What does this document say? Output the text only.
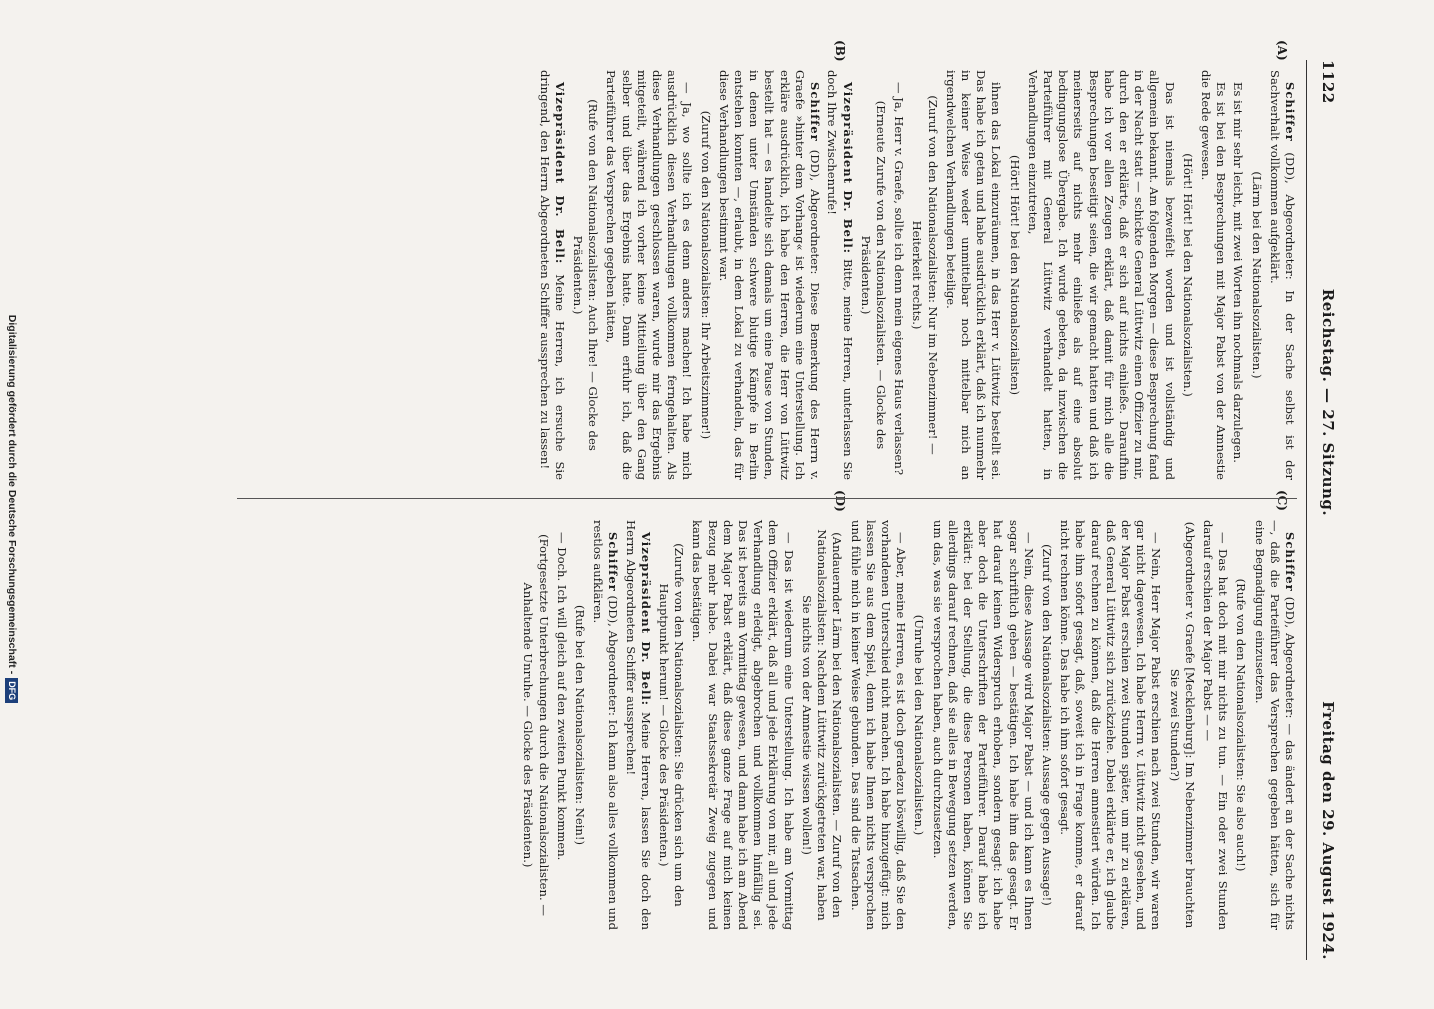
Digitalisierung gefördert durch die Deutsche Forschungsgemeinschaft -DFG
1122
Reichstag. — 27. Sitzung.
Freitag den 29. August 1924.
(A)
(B)
(C)
(D)

Schiffer (DD), Abgeordneter: In der Sache selbst ist der Sachverhalt vollkommen aufgeklärt.

(Lärm bei den Nationalsozialisten.)

Es ist mir sehr leicht, mit zwei Worten ihn nochmals darzulegen.

Es ist bei den Besprechungen mit Major Pabst von der Amnestie die Rede gewesen.

(Hört! Hört! bei den Nationalsozialisten.)

Das ist niemals bezweifelt worden und ist vollständig und allgemein bekannt. Am folgenden Morgen — diese Besprechung fand in der Nacht statt — schickte General Lüttwitz einen Offizier zu mir, durch den er erklärte, daß er sich auf nichts einließe. Daraufhin habe ich vor allen Zeugen erklärt, daß damit für mich alle die Besprechungen beseitigt seien, die wir gemacht hatten und daß ich meinerseits auf nichts mehr einließe als auf eine absolut bedingungslose Übergabe. Ich wurde gebeten, da inzwischen die Parteiführer mit General Lüttwitz verhandelt hatten, in Verhandlungen einzutreten,

(Hört! Hört! bei den Nationalsozialisten)

ihnen das Lokal einzuräumen, in das Herr v. Lüttwitz bestellt sei. Das habe ich getan und habe ausdrücklich erklärt, daß ich nunmehr in keiner Weise weder unmittelbar noch mittelbar mich an irgendwelchen Verhandlungen beteilige.

(Zuruf von den Nationalsozialisten: Nur im Nebenzimmer! — Heiterkeit rechts.)

— Ja, Herr v. Graefe, sollte ich denn mein eigenes Haus verlassen?

(Erneute Zurufe von den Nationalsozialisten. — Glocke des Präsidenten.)

Vizepräsident Dr. Bell: Bitte, meine Herren, unterlassen Sie doch Ihre Zwischenrufe!

Schiffer (DD), Abgeordneter: Diese Bemerkung des Herrn v. Graefe »hinter dem Vorhang« ist wiederum eine Unterstellung. Ich erkläre ausdrücklich, ich habe den Herren, die Herr von Lüttwitz bestellt hat — es handelte sich damals um eine Pause von Stunden, in denen unter Umständen schwere blutige Kämpfe in Berlin entstehen konnten —, erlaubt, in dem Lokal zu verhandeln, das für diese Verhandlungen bestimmt war.

(Zuruf von den Nationalsozialisten: Ihr Arbeitszimmer!)

— Ja, wo sollte ich es denn anders machen! Ich habe mich ausdrücklich diesen Verhandlungen vollkommen ferngehalten. Als diese Verhandlungen geschlossen waren, wurde mir das Ergebnis mitgeteilt, während ich vorher keine Mitteilung über den Gang selber und über das Ergebnis hatte. Dann erfuhr ich, daß die Parteiführer das Versprechen gegeben hätten,

(Rufe von den Nationalsozialisten: Auch Ihre! — Glocke des Präsidenten.)

Vizepräsident Dr. Bell: Meine Herren, ich ersuche Sie dringend, den Herrn Abgeordneten Schiffer aussprechen zu lassen!

Schiffer (DD), Abgeordneter: — das ändert an der Sache nichts —, daß die Parteiführer das Versprechen gegeben hätten, sich für eine Begnadigung einzusetzen.

(Rufe von den Nationalsozialisten: Sie also auch!)

— Das hat doch mit mir nichts zu tun. — Ein oder zwei Stunden darauf erschien der Major Pabst — —

(Abgeordneter v. Graefe [Mecklenburg]: Im Nebenzimmer brauchten Sie zwei Stunden?)

— Nein, Herr Major Pabst erschien nach zwei Stunden, wir waren gar nicht dagewesen. Ich habe Herrn v. Lüttwitz nicht gesehen, und der Major Pabst erschien zwei Stunden später, um mir zu erklären, daß General Lüttwitz sich zurückziehe. Dabei erklärte er, ich glaube darauf rechnen zu können, daß die Herren amnestiert würden. Ich habe ihm sofort gesagt, daß, soweit ich in Frage komme, er darauf nicht rechnen könne. Das habe ich ihm sofort gesagt.

(Zuruf von den Nationalsozialisten: Aussage gegen Aussage!)

— Nein, diese Aussage wird Major Pabst — und ich kann es Ihnen sogar schriftlich geben — bestätigen. Ich habe ihm das gesagt. Er hat darauf keinen Widerspruch erhoben, sondern gesagt: ich habe aber doch die Unterschriften der Parteiführer. Darauf habe ich erklärt: bei der Stellung, die diese Personen haben, können Sie allerdings darauf rechnen, daß sie alles in Bewegung setzen werden, um das, was sie versprochen haben, auch durchzusetzen.

(Unruhe bei den Nationalsozialisten.)

— Aber, meine Herren, es ist doch geradezu böswillig, daß Sie den vorhandenen Unterschied nicht machen. Ich habe hinzugefügt: mich lassen Sie aus dem Spiel, denn ich habe Ihnen nichts versprochen und fühle mich in keiner Weise gebunden. Das sind die Tatsachen.

(Andauernder Lärm bei den Nationalsozialisten. — Zuruf von den Nationalsozialisten: Nachdem Lüttwitz zurückgetreten war, haben Sie nichts von der Amnestie wissen wollen!)

— Das ist wiederum eine Unterstellung. Ich habe am Vormittag dem Offizier erklärt, daß all und jede Erklärung von mir, all und jede Verhandlung erledigt, abgebrochen und vollkommen hinfällig sei. Das ist bereits am Vormittag gewesen, und dann habe ich am Abend dem Major Pabst erklärt, daß diese ganze Frage auf mich keinen Bezug mehr habe. Dabei war Staatssekretär Zweig zugegen und kann das bestätigen.

(Zurufe von den Nationalsozialisten: Sie drücken sich um den Hauptpunkt herum! — Glocke des Präsidenten.)

Vizepräsident Dr. Bell: Meine Herren, lassen Sie doch den Herrn Abgeordneten Schiffer aussprechen!

Schiffer (DD), Abgeordneter: Ich kann also alles vollkommen und restlos aufklären.

(Rufe bei den Nationalsozialisten: Nein!)

— Doch. Ich will gleich auf den zweiten Punkt kommen.

(Fortgesetzte Unterbrechungen durch die Nationalsozialisten. — Anhaltende Unruhe. — Glocke des Präsidenten.)
